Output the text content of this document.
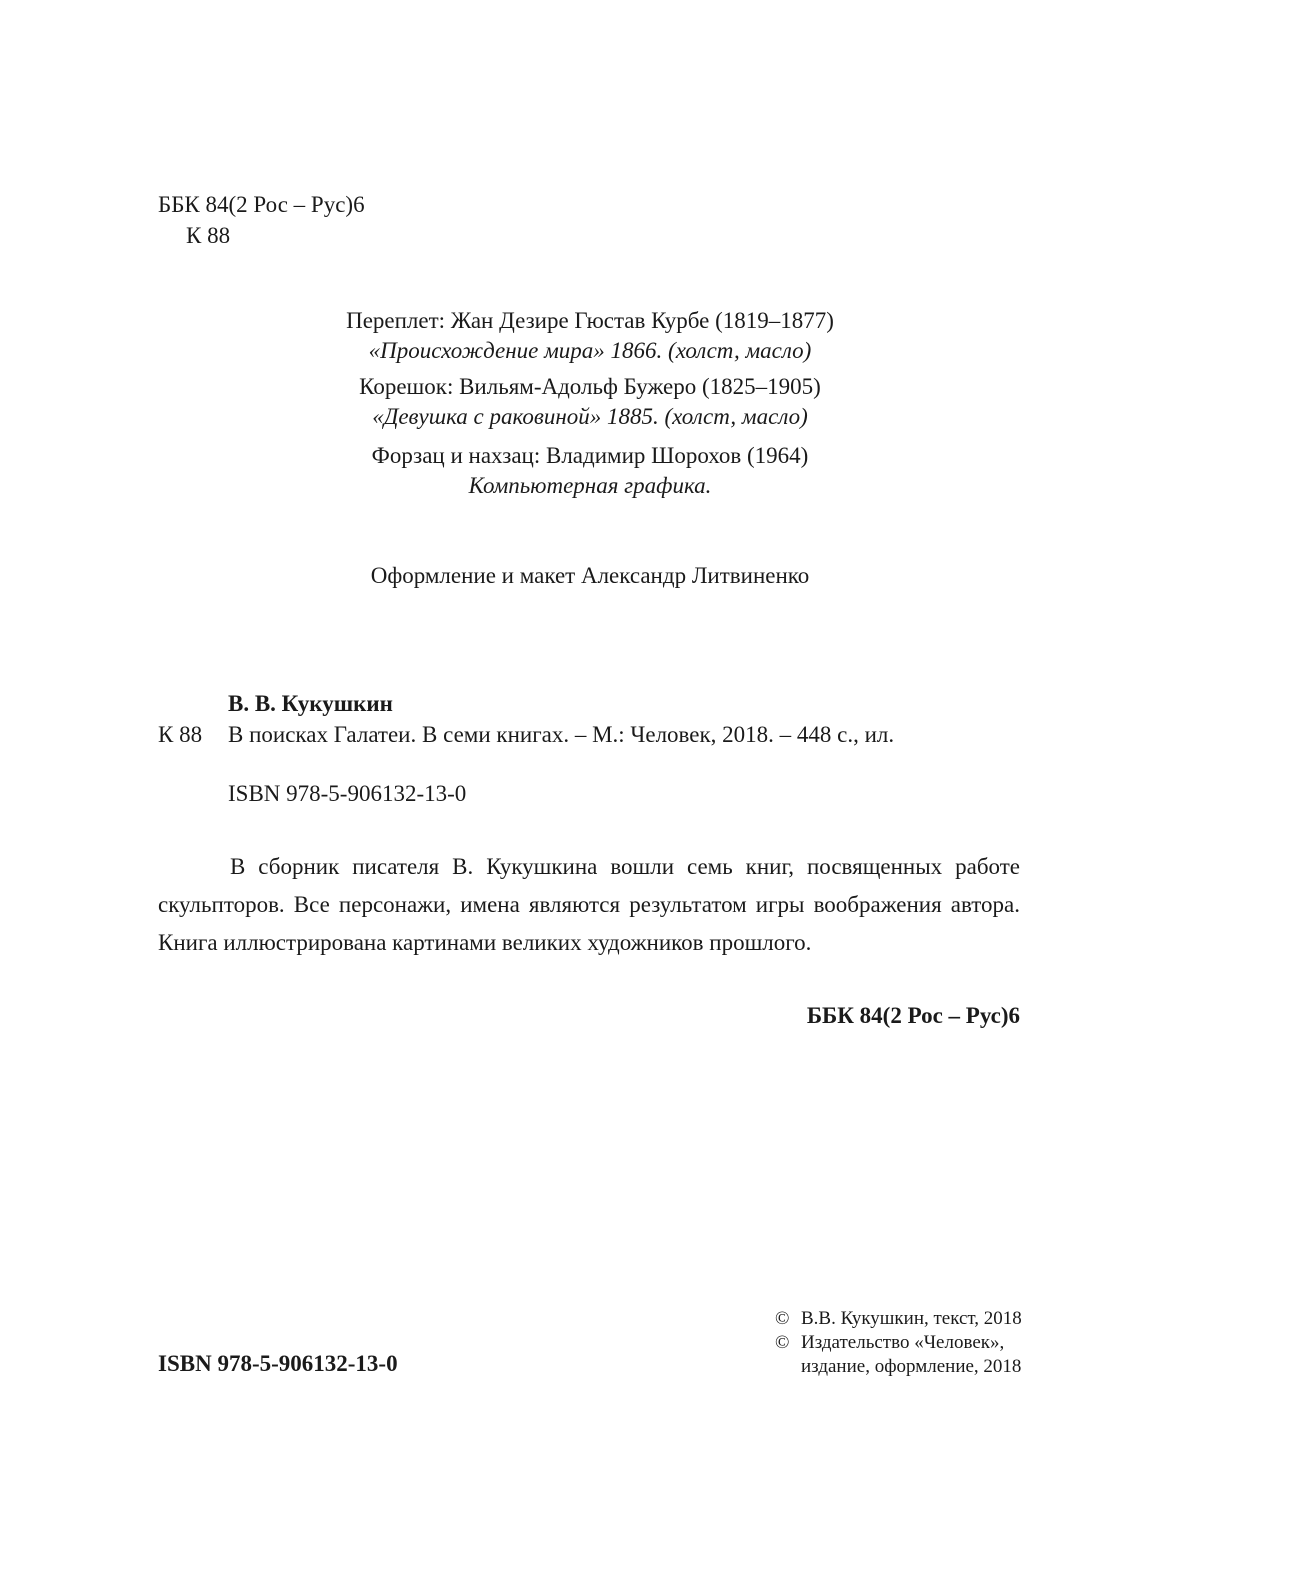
ББК 84(2 Рос – Рус)6
К 88
Переплет: Жан Дезире Гюстав Курбе (1819–1877)
«Происхождение мира» 1866. (холст, масло)
Корешок: Вильям-Адольф Бужеро (1825–1905)
«Девушка с раковиной» 1885. (холст, масло)
Форзац и нахзац: Владимир Шорохов (1964)
Компьютерная графика.
Оформление и макет Александр Литвиненко
В. В. Кукушкин
К 88 В поисках Галатеи. В семи книгах. – М.: Человек, 2018. – 448 с., ил.
ISBN 978-5-906132-13-0
В сборник писателя В. Кукушкина вошли семь книг, посвященных работе скульпторов. Все персонажи, имена являются результатом игры воображения автора. Книга иллюстрирована картинами великих художников прошлого.
ББК 84(2 Рос – Рус)6
ISBN 978-5-906132-13-0
© В.В. Кукушкин, текст, 2018
© Издательство «Человек»,
издание, оформление, 2018
